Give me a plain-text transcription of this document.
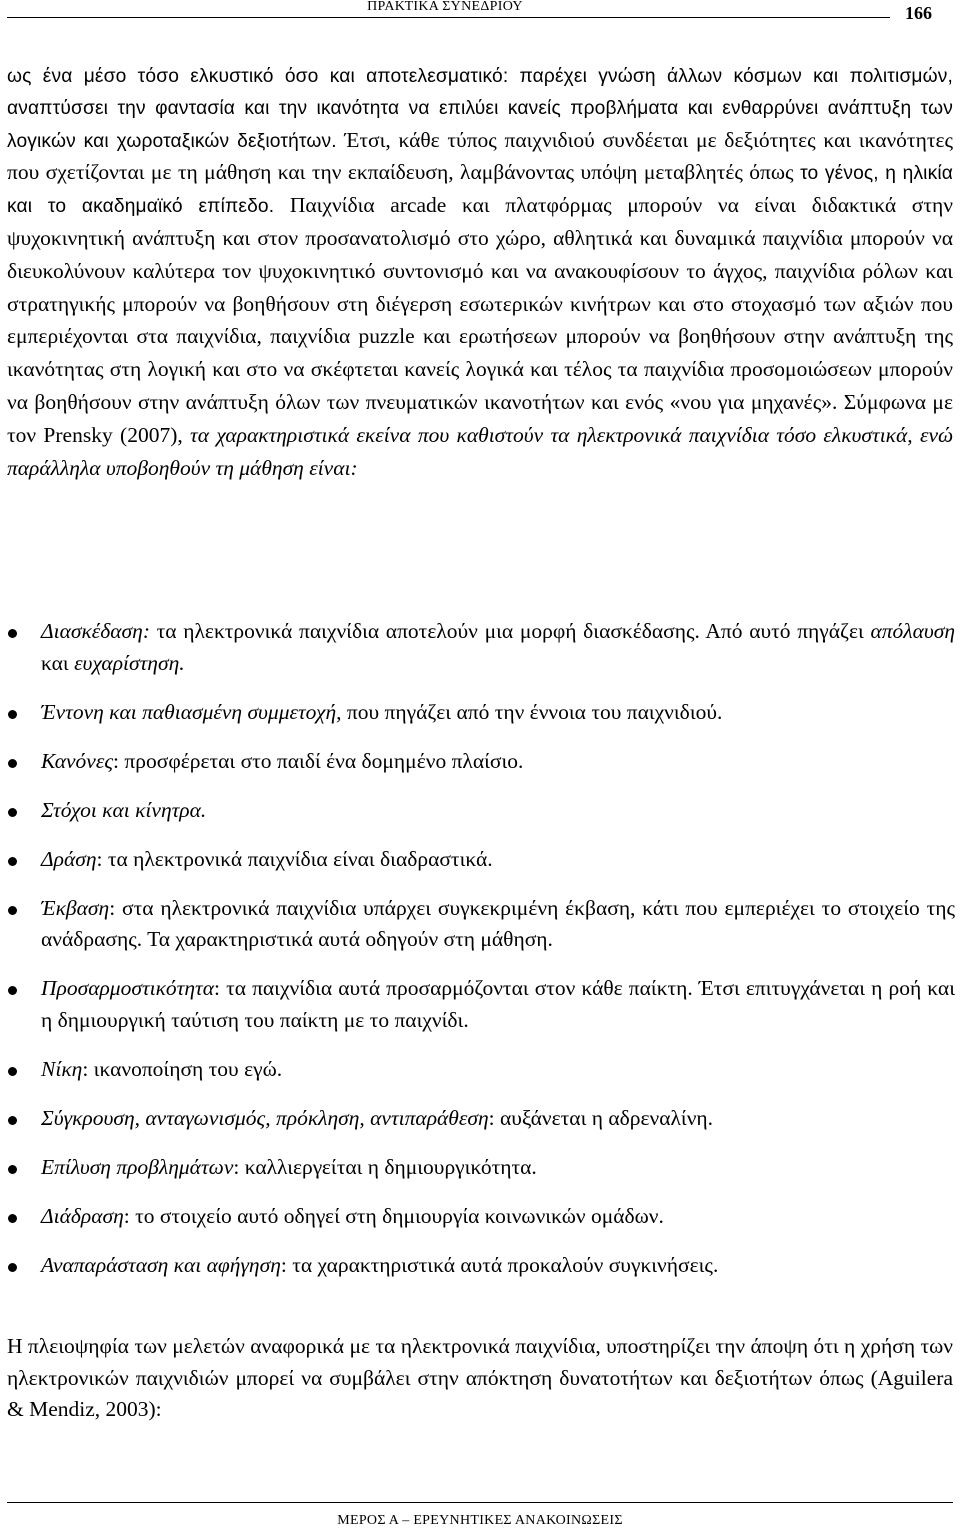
ΠΡΑΚΤΙΚΑ ΣΥΝΕΔΡΙΟΥ	166

ως ένα μέσο τόσο ελκυστικό όσο και αποτελεσματικό: παρέχει γνώση άλλων κόσμων και πολιτισμών, αναπτύσσει την φαντασία και την ικανότητα να επιλύει κανείς προβλήματα και ενθαρρύνει ανάπτυξη των λογικών και χωροταξικών δεξιοτήτων. Έτσι, κάθε τύπος παιχνιδιού συνδέεται με δεξιότητες και ικανότητες που σχετίζονται με τη μάθηση και την εκπαίδευση, λαμβάνοντας υπόψη μεταβλητές όπως το γένος, η ηλικία και το ακαδημαϊκό επίπεδο. Παιχνίδια arcade και πλατφόρμας μπορούν να είναι διδακτικά στην ψυχοκινητική ανάπτυξη και στον προσανατολισμό στο χώρο, αθλητικά και δυναμικά παιχνίδια μπορούν να διευκολύνουν καλύτερα τον ψυχοκινητικό συντονισμό και να ανακουφίσουν το άγχος, παιχνίδια ρόλων και στρατηγικής μπορούν να βοηθήσουν στη διέγερση εσωτερικών κινήτρων και στο στοχασμό των αξιών που εμπεριέχονται στα παιχνίδια, παιχνίδια puzzle και ερωτήσεων μπορούν να βοηθήσουν στην ανάπτυξη της ικανότητας στη λογική και στο να σκέφτεται κανείς λογικά και τέλος τα παιχνίδια προσομοιώσεων μπορούν να βοηθήσουν στην ανάπτυξη όλων των πνευματικών ικανοτήτων και ενός «νου για μηχανές». Σύμφωνα με τον Prensky (2007), τα χαρακτηριστικά εκείνα που καθιστούν τα ηλεκτρονικά παιχνίδια τόσο ελκυστικά, ενώ παράλληλα υποβοηθούν τη μάθηση είναι:

Διασκέδαση: τα ηλεκτρονικά παιχνίδια αποτελούν μια μορφή διασκέδασης. Από αυτό πηγάζει απόλαυση και ευχαρίστηση.
Έντονη και παθιασμένη συμμετοχή, που πηγάζει από την έννοια του παιχνιδιού.
Κανόνες: προσφέρεται στο παιδί ένα δομημένο πλαίσιο.
Στόχοι και κίνητρα.
Δράση: τα ηλεκτρονικά παιχνίδια είναι διαδραστικά.
Έκβαση: στα ηλεκτρονικά παιχνίδια υπάρχει συγκεκριμένη έκβαση, κάτι που εμπεριέχει το στοιχείο της ανάδρασης. Τα χαρακτηριστικά αυτά οδηγούν στη μάθηση.
Προσαρμοστικότητα: τα παιχνίδια αυτά προσαρμόζονται στον κάθε παίκτη. Έτσι επιτυγχάνεται η ροή και η δημιουργική ταύτιση του παίκτη με το παιχνίδι.
Νίκη: ικανοποίηση του εγώ.
Σύγκρουση, ανταγωνισμός, πρόκληση, αντιπαράθεση: αυξάνεται η αδρεναλίνη.
Επίλυση προβλημάτων: καλλιεργείται η δημιουργικότητα.
Διάδραση: το στοιχείο αυτό οδηγεί στη δημιουργία κοινωνικών ομάδων.
Αναπαράσταση και αφήγηση: τα χαρακτηριστικά αυτά προκαλούν συγκινήσεις.

Η πλειοψηφία των μελετών αναφορικά με τα ηλεκτρονικά παιχνίδια, υποστηρίζει την άποψη ότι η χρήση των ηλεκτρονικών παιχνιδιών μπορεί να συμβάλει στην απόκτηση δυνατοτήτων και δεξιοτήτων όπως (Aguilera & Mendiz, 2003):

ΜΕΡΟΣ Α – ΕΡΕΥΝΗΤΙΚΕΣ ΑΝΑΚΟΙΝΩΣΕΙΣ
